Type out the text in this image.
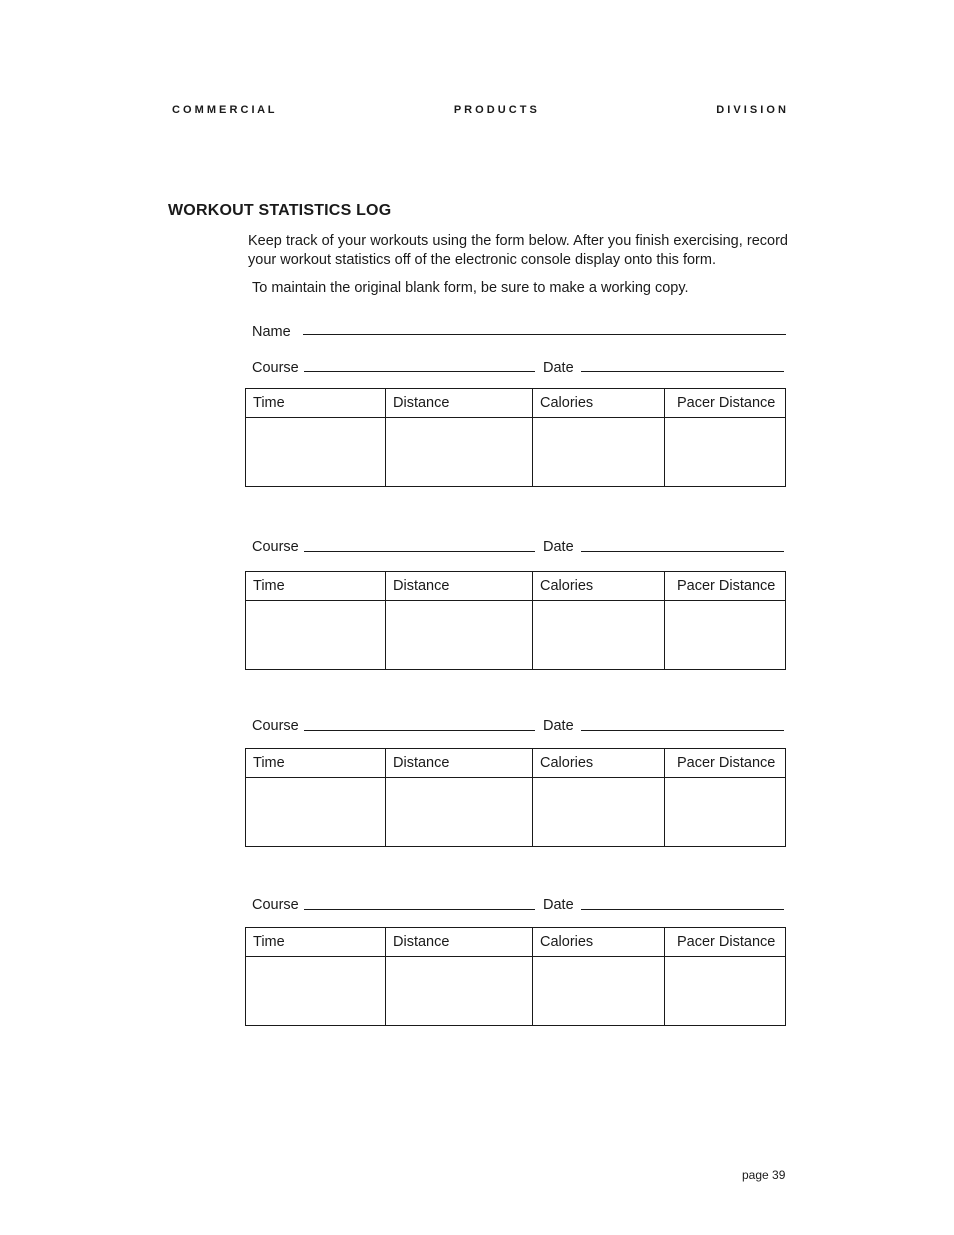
C O M M E R C I A L	P R O D U C T S	D I V I S I O N
WORKOUT STATISTICS LOG
Keep track of your workouts using the form below. After you finish exercising, record your workout statistics off of the electronic console display onto this form.
To maintain the original blank form, be sure to make a working copy.
Name
Course	Date
Time	Distance	Calories	Pacer Distance

Course	Date
Time	Distance	Calories	Pacer Distance

Course	Date
Time	Distance	Calories	Pacer Distance

Course	Date
Time	Distance	Calories	Pacer Distance

page 39
